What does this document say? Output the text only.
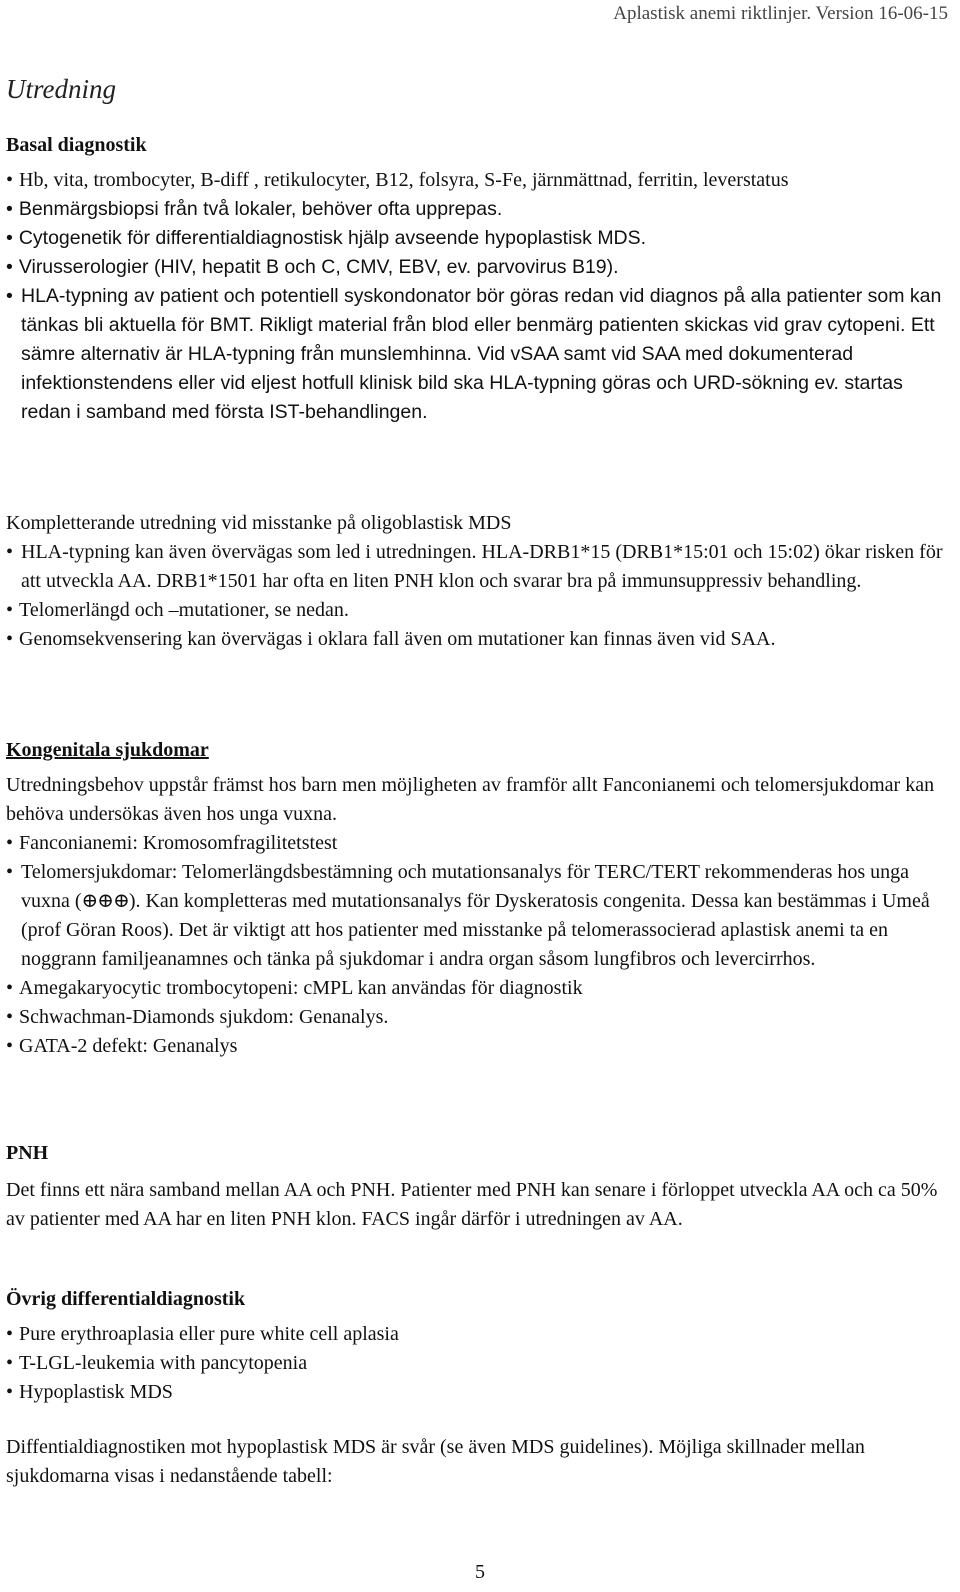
Aplastisk anemi riktlinjer. Version 16-06-15
Utredning
Basal diagnostik
• Hb, vita, trombocyter, B-diff , retikulocyter, B12, folsyra, S-Fe, järnmättnad, ferritin, leverstatus
• Benmärgsbiopsi från två lokaler, behöver ofta upprepas.
• Cytogenetik för differentialdiagnostisk hjälp avseende hypoplastisk MDS.
• Virusserologier (HIV, hepatit B och C, CMV, EBV, ev. parvovirus B19).
• HLA-typning av patient och potentiell syskondonator bör göras redan vid diagnos på alla patienter som kan tänkas bli aktuella för BMT. Rikligt material från blod eller benmärg patienten skickas vid grav cytopeni. Ett sämre alternativ är HLA-typning från munslemhinna. Vid vSAA samt vid SAA med dokumenterad infektionstendens eller vid eljest hotfull klinisk bild ska HLA-typning göras och URD-sökning ev. startas redan i samband med första IST-behandlingen.
Kompletterande utredning vid misstanke på oligoblastisk MDS
• HLA-typning kan även övervägas som led i utredningen. HLA-DRB1*15 (DRB1*15:01 och 15:02) ökar risken för att utveckla AA. DRB1*1501 har ofta en liten PNH klon och svarar bra på immunsuppressiv behandling.
• Telomerlängd och –mutationer, se nedan.
• Genomsekvensering kan övervägas i oklara fall även om mutationer kan finnas även vid SAA.
Kongenitala sjukdomar

Utredningsbehov uppstår främst hos barn men möjligheten av framför allt Fanconianemi och telomersjukdomar kan behöva undersökas även hos unga vuxna.

• Fanconianemi: Kromosomfragilitetstest
• Telomersjukdomar: Telomerlängdsbestämning och mutationsanalys för TERC/TERT rekommenderas hos unga vuxna (⊕⊕⊕). Kan kompletteras med mutationsanalys för Dyskeratosis congenita. Dessa kan bestämmas i Umeå (prof Göran Roos). Det är viktigt att hos patienter med misstanke på telomerassocierad aplastisk anemi ta en noggrann familjeanamnes och tänka på sjukdomar i andra organ såsom lungfibros och levercirrhos.
• Amegakaryocytic trombocytopeni: cMPL kan användas för diagnostik
• Schwachman-Diamonds sjukdom: Genanalys.
• GATA-2 defekt: Genanalys
PNH

Det finns ett nära samband mellan AA och PNH. Patienter med PNH kan senare i förloppet utveckla AA och ca 50% av patienter med AA har en liten PNH klon. FACS ingår därför i utredningen av AA.

Övrig differentialdiagnostik
• Pure erythroaplasia eller pure white cell aplasia
• T-LGL-leukemia with pancytopenia
• Hypoplastisk MDS

Diffentialdiagnostiken mot hypoplastisk MDS är svår (se även MDS guidelines). Möjliga skillnader mellan sjukdomarna visas i nedanstående tabell:

5
